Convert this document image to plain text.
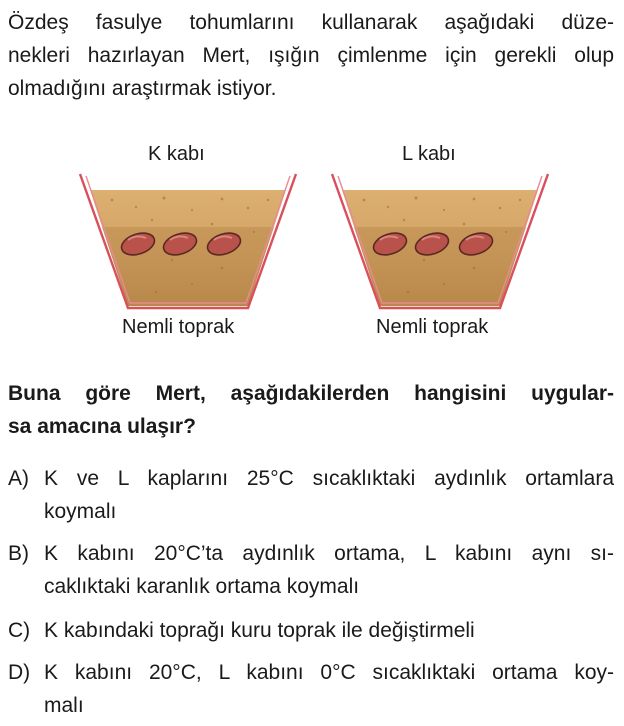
Özdeş fasulye tohumlarını kullanarak aşağıdaki düze-
nekleri hazırlayan Mert, ışığın çimlenme için gerekli olup
olmadığını araştırmak istiyor.
K kabı	L kabı
Nemli toprak	Nemli toprak
Buna göre Mert, aşağıdakilerden hangisini uygular-
sa amacına ulaşır?
A) K ve L kaplarını 25°C sıcaklıktaki aydınlık ortamlara
koymalı
B) K kabını 20°C’ta aydınlık ortama, L kabını aynı sı-
caklıktaki karanlık ortama koymalı
C) K kabındaki toprağı kuru toprak ile değiştirmeli
D) K kabını 20°C, L kabını 0°C sıcaklıktaki ortama koy-
malı
